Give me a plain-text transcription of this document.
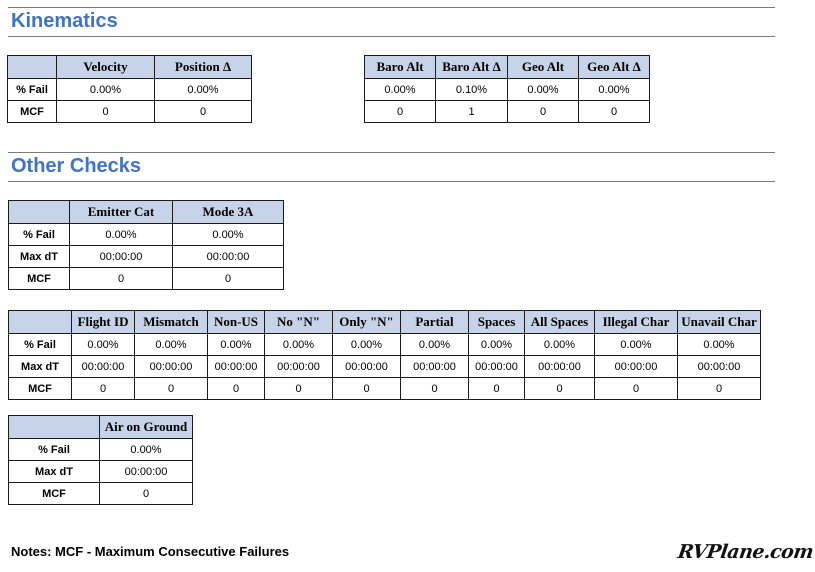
Kinematics
	Velocity	Position Δ
% Fail	0.00%	0.00%
MCF	0	0
Baro Alt	Baro Alt Δ	Geo Alt	Geo Alt Δ
0.00%	0.10%	0.00%	0.00%
0	1	0	0
Other Checks
	Emitter Cat	Mode 3A
% Fail	0.00%	0.00%
Max dT	00:00:00	00:00:00
MCF	0	0
	Flight ID	Mismatch	Non-US	No "N"	Only "N"	Partial	Spaces	All Spaces	Illegal Char	Unavail Char
% Fail	0.00%	0.00%	0.00%	0.00%	0.00%	0.00%	0.00%	0.00%	0.00%	0.00%
Max dT	00:00:00	00:00:00	00:00:00	00:00:00	00:00:00	00:00:00	00:00:00	00:00:00	00:00:00	00:00:00
MCF	0	0	0	0	0	0	0	0	0	0
	Air on Ground
% Fail	0.00%
Max dT	00:00:00
MCF	0
Notes: MCF - Maximum Consecutive Failures	RVPlane.com
